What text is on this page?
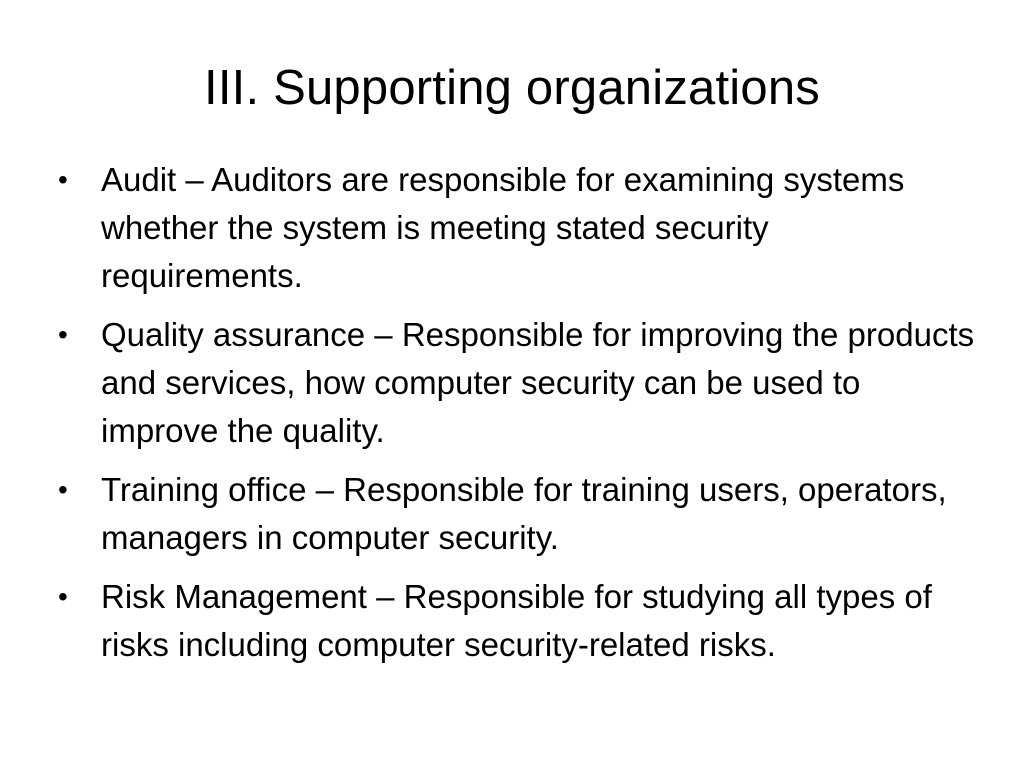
III. Supporting organizations
•	Audit – Auditors are responsible for examining systems whether the system is meeting stated security requirements.
•	Quality assurance – Responsible for improving the products and services, how computer security can be used to improve the quality.
•	Training office – Responsible for training users, operators, managers in computer security.
•	Risk Management – Responsible for studying all types of risks including computer security-related risks.
